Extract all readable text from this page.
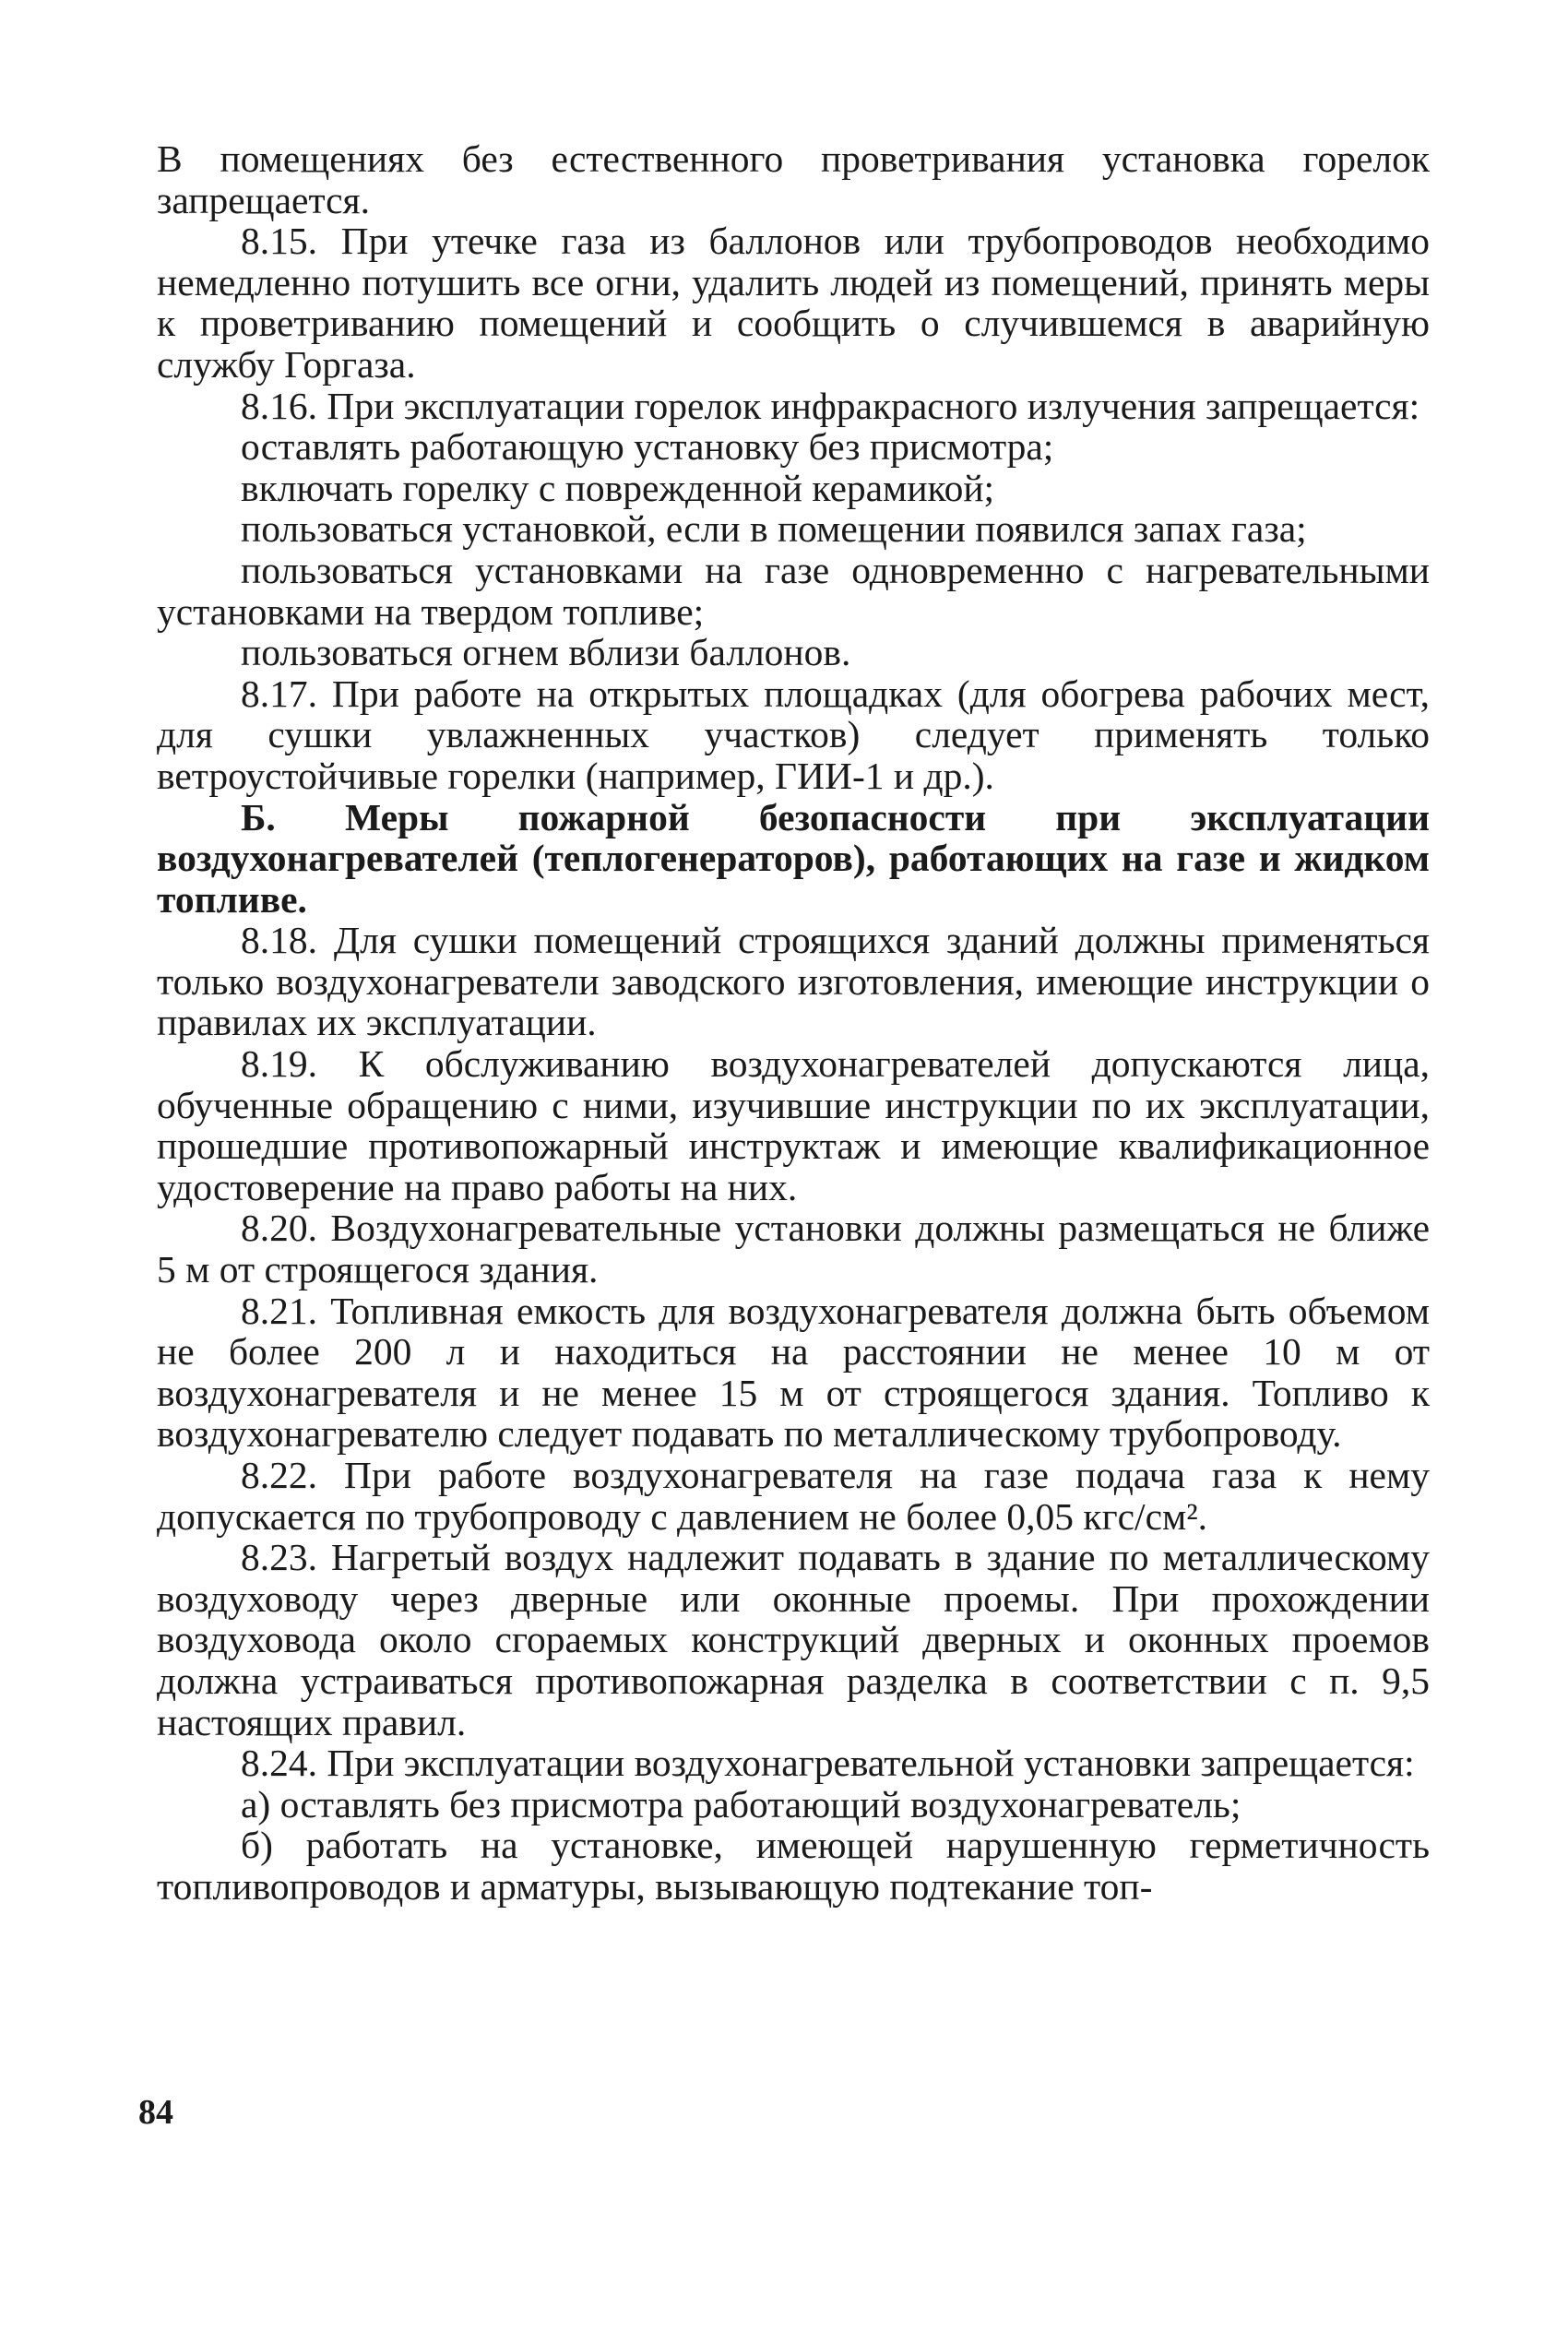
В помещениях без естественного проветривания установка горелок запрещается.

8.15. При утечке газа из баллонов или трубопроводов необходимо немедленно потушить все огни, удалить людей из помещений, принять меры к проветриванию помещений и сообщить о случившемся в аварийную службу Горгаза.

8.16. При эксплуатации горелок инфракрасного излучения запрещается:

оставлять работающую установку без присмотра;

включать горелку с поврежденной керамикой;

пользоваться установкой, если в помещении появился запах газа;

пользоваться установками на газе одновременно с нагревательными установками на твердом топливе;

пользоваться огнем вблизи баллонов.

8.17. При работе на открытых площадках (для обогрева рабочих мест, для сушки увлажненных участков) следует применять только ветроустойчивые горелки (например, ГИИ-1 и др.).

Б. Меры пожарной безопасности при эксплуатации воздухонагревателей (теплогенераторов), работающих на газе и жидком топливе.

8.18. Для сушки помещений строящихся зданий должны применяться только воздухонагреватели заводского изготовления, имеющие инструкции о правилах их эксплуатации.

8.19. К обслуживанию воздухонагревателей допускаются лица, обученные обращению с ними, изучившие инструкции по их эксплуатации, прошедшие противопожарный инструктаж и имеющие квалификационное удостоверение на право работы на них.

8.20. Воздухонагревательные установки должны размещаться не ближе 5 м от строящегося здания.

8.21. Топливная емкость для воздухонагревателя должна быть объемом не более 200 л и находиться на расстоянии не менее 10 м от воздухонагревателя и не менее 15 м от строящегося здания. Топливо к воздухонагревателю следует подавать по металлическому трубопроводу.

8.22. При работе воздухонагревателя на газе подача газа к нему допускается по трубопроводу с давлением не более 0,05 кгс/см².

8.23. Нагретый воздух надлежит подавать в здание по металлическому воздуховоду через дверные или оконные проемы. При прохождении воздуховода около сгораемых конструкций дверных и оконных проемов должна устраиваться противопожарная разделка в соответствии с п. 9,5 настоящих правил.

8.24. При эксплуатации воздухонагревательной установки запрещается:

а) оставлять без присмотра работающий воздухонагреватель;

б) работать на установке, имеющей нарушенную герметичность топливопроводов и арматуры, вызывающую подтекание топ-

84
